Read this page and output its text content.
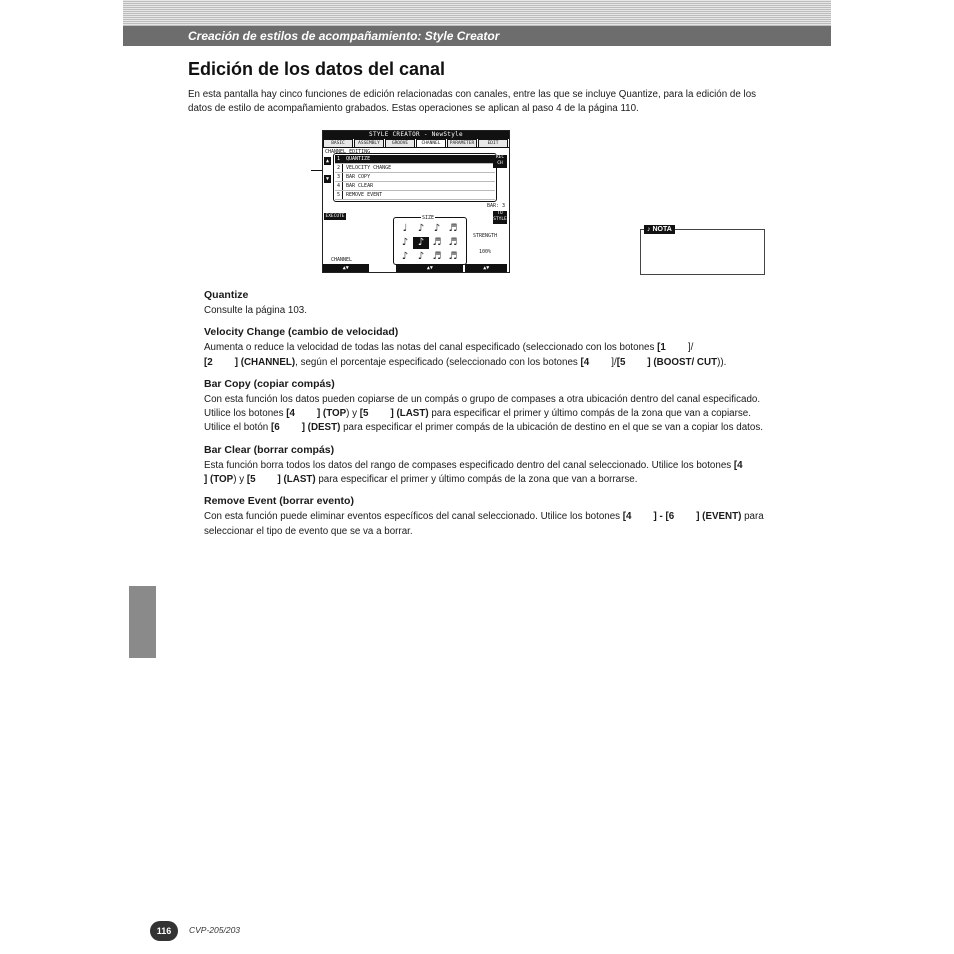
Creación de estilos de acompañamiento: Style Creator
Edición de los datos del canal

En esta pantalla hay cinco funciones de edición relacionadas con canales, entre las que se incluye Quantize, para la edición de los datos de estilo de acompañamiento grabados. Estas operaciones se aplican al paso 4 de la página 110.

STYLE CREATOR - NewStyle
BASIC	ASSEMBLY	GROOVE	CHANNEL	PARAMETER	EDIT
CHANNEL EDITING
▲
▼
1	QUANTIZE
2	VELOCITY CHANGE
3	BAR COPY
4	BAR CLEAR
5	REMOVE EVENT
REC CH
BAR: 3
TO STYLE
EXECUTE	SIZE
♩	♪ ♪ ♬
♪ ♪ ♬ ♬
♪ ♪ ♬ ♬
STRENGTH
100%
CHANNEL
▲▼	▲▼	▲▼
♪ NOTA

Quantize

Consulte la página 103.

Velocity Change (cambio de velocidad)

Aumenta o reduce la velocidad de todas las notas del canal especificado (seleccionado con los botones [1 ]/
[2 ] (CHANNEL), según el porcentaje especificado (seleccionado con los botones [4 ]/[5 ] (BOOST/ CUT)).

Bar Copy (copiar compás)

Con esta función los datos pueden copiarse de un compás o grupo de compases a otra ubicación dentro del canal especificado. Utilice los botones [4 ] (TOP) y [5 ] (LAST) para especificar el primer y último compás de la zona que van a copiarse. Utilice el botón [6 ] (DEST) para especificar el primer compás de la ubicación de destino en el que se van a copiar los datos.

Bar Clear (borrar compás)

Esta función borra todos los datos del rango de compases especificado dentro del canal seleccionado. Utilice los botones [4] (TOP) y [5 ] (LAST) para especificar el primer y último compás de la zona que van a borrarse.

Remove Event (borrar evento)

Con esta función puede eliminar eventos específicos del canal seleccionado. Utilice los botones [4 ] - [6 ] (EVENT) para seleccionar el tipo de evento que se va a borrar.

116	CVP-205/203
